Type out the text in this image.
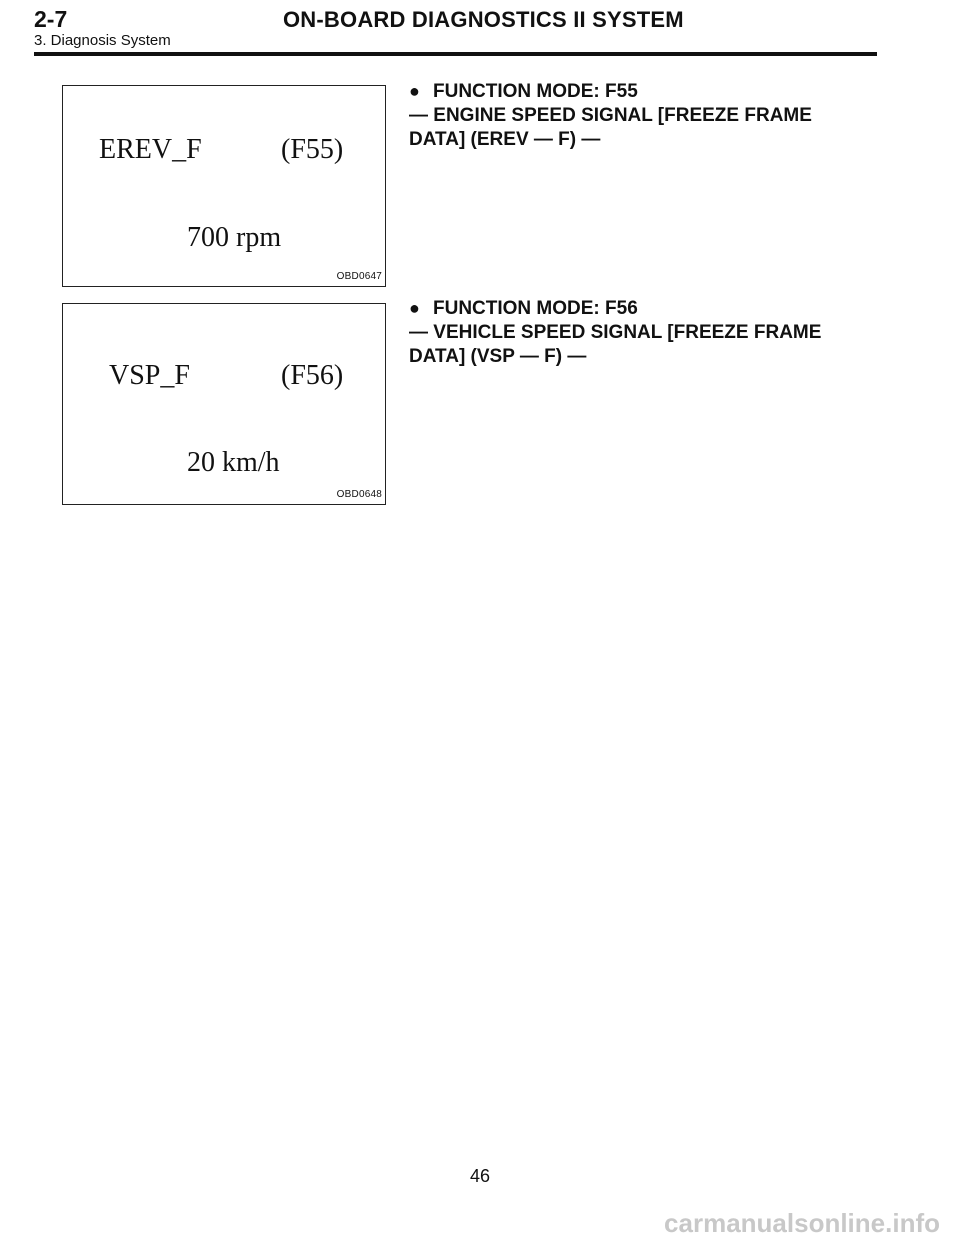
2-7	ON-BOARD DIAGNOSTICS II SYSTEM
3. Diagnosis System
EREV_F	(F55)
700 rpm
OBD0647
● FUNCTION MODE: F55
— ENGINE SPEED SIGNAL [FREEZE FRAME
DATA] (EREV — F) —
VSP_F	(F56)
20 km/h
OBD0648
● FUNCTION MODE: F56
— VEHICLE SPEED SIGNAL [FREEZE FRAME
DATA] (VSP — F) —
46
carmanualsonline.info
